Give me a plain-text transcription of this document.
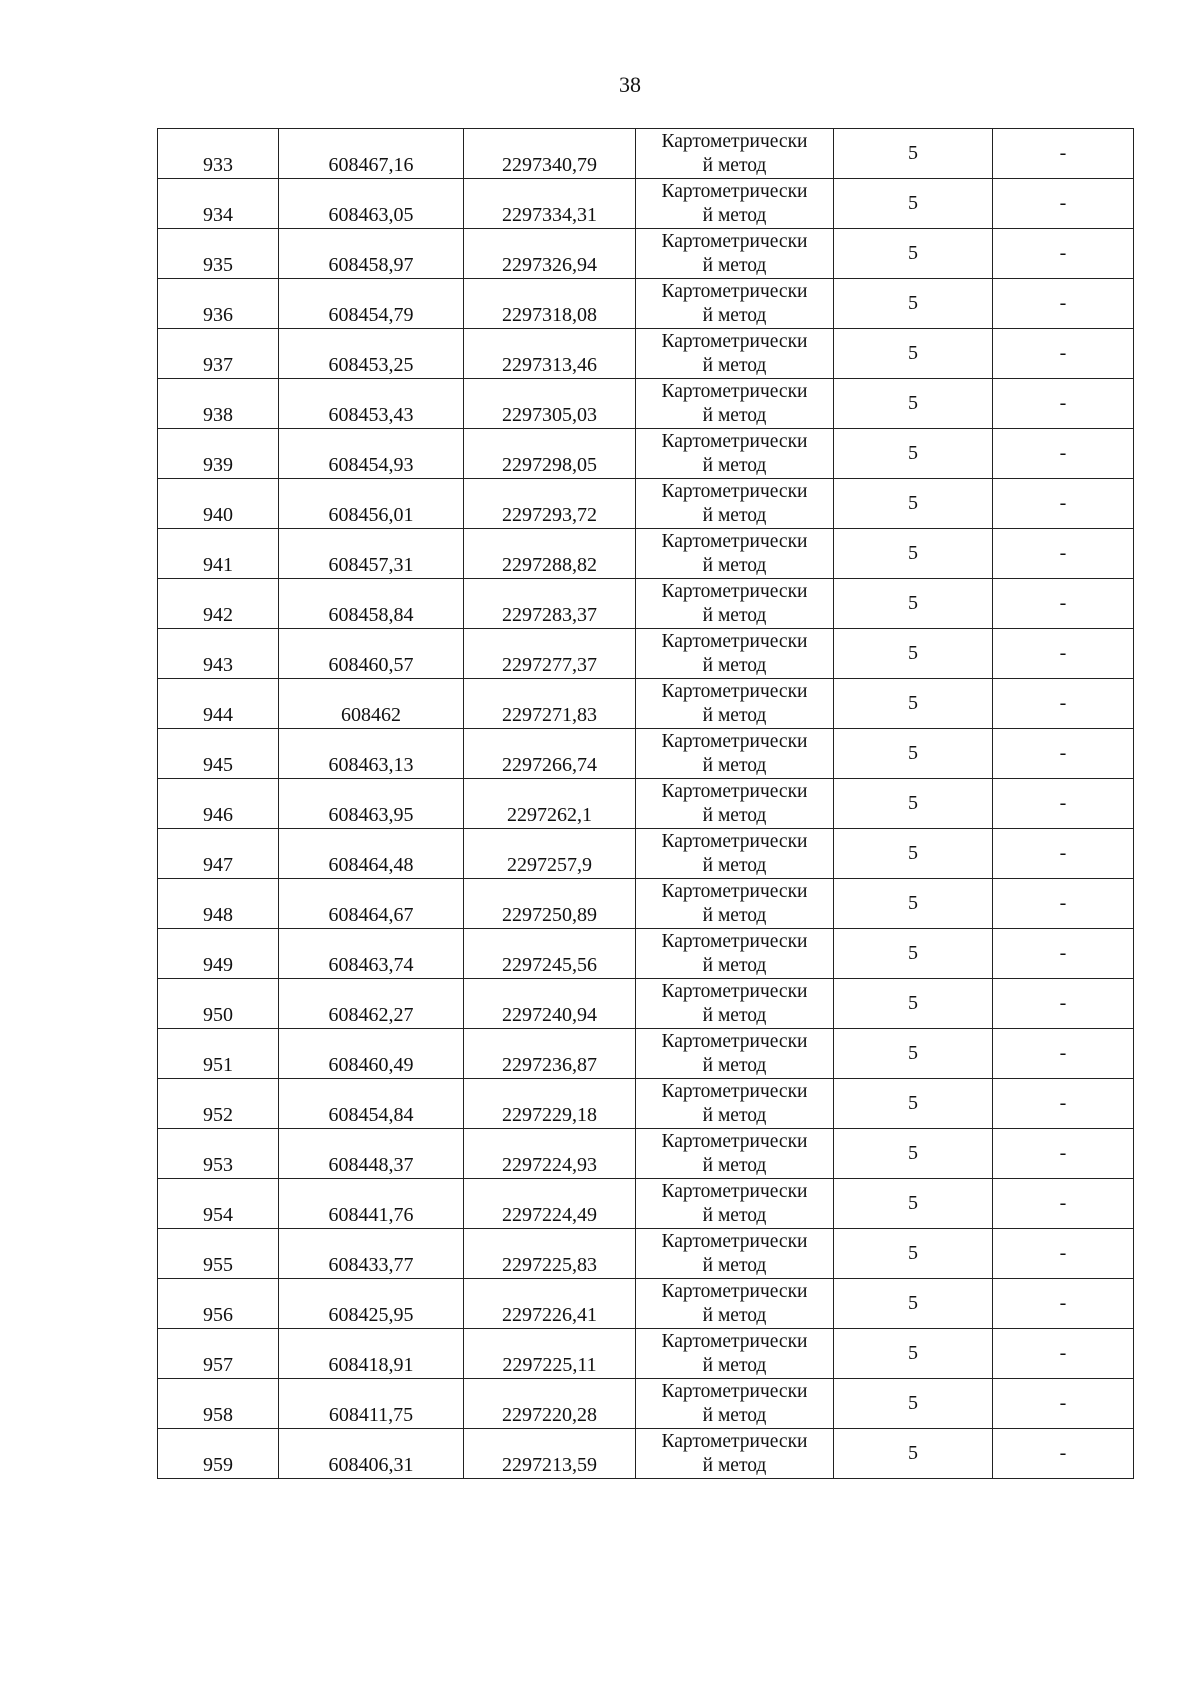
38
933	608467,16	2297340,79	Картометрически
й метод	5	-
934	608463,05	2297334,31	Картометрически
й метод	5	-
935	608458,97	2297326,94	Картометрически
й метод	5	-
936	608454,79	2297318,08	Картометрически
й метод	5	-
937	608453,25	2297313,46	Картометрически
й метод	5	-
938	608453,43	2297305,03	Картометрически
й метод	5	-
939	608454,93	2297298,05	Картометрически
й метод	5	-
940	608456,01	2297293,72	Картометрически
й метод	5	-
941	608457,31	2297288,82	Картометрически
й метод	5	-
942	608458,84	2297283,37	Картометрически
й метод	5	-
943	608460,57	2297277,37	Картометрически
й метод	5	-
944	608462	2297271,83	Картометрически
й метод	5	-
945	608463,13	2297266,74	Картометрически
й метод	5	-
946	608463,95	2297262,1	Картометрически
й метод	5	-
947	608464,48	2297257,9	Картометрически
й метод	5	-
948	608464,67	2297250,89	Картометрически
й метод	5	-
949	608463,74	2297245,56	Картометрически
й метод	5	-
950	608462,27	2297240,94	Картометрически
й метод	5	-
951	608460,49	2297236,87	Картометрически
й метод	5	-
952	608454,84	2297229,18	Картометрически
й метод	5	-
953	608448,37	2297224,93	Картометрически
й метод	5	-
954	608441,76	2297224,49	Картометрически
й метод	5	-
955	608433,77	2297225,83	Картометрически
й метод	5	-
956	608425,95	2297226,41	Картометрически
й метод	5	-
957	608418,91	2297225,11	Картометрически
й метод	5	-
958	608411,75	2297220,28	Картометрически
й метод	5	-
959	608406,31	2297213,59	Картометрически
й метод	5	-
